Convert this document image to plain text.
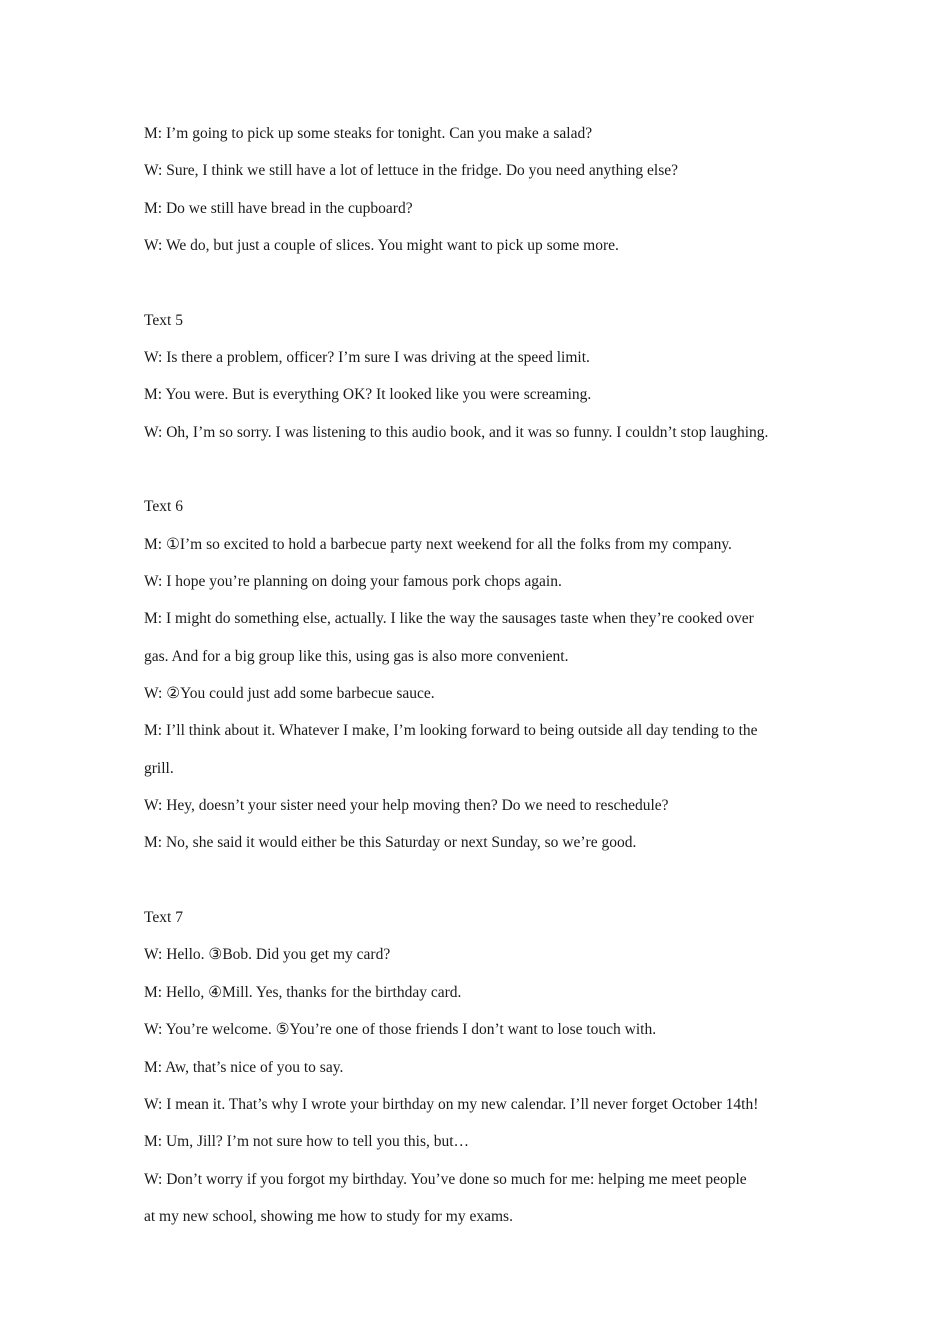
M: I’m going to pick up some steaks for tonight. Can you make a salad?
W: Sure, I think we still have a lot of lettuce in the fridge. Do you need anything else?
M: Do we still have bread in the cupboard?
W: We do, but just a couple of slices. You might want to pick up some more.
Text 5
W: Is there a problem, officer? I’m sure I was driving at the speed limit.
M: You were. But is everything OK? It looked like you were screaming.
W: Oh, I’m so sorry. I was listening to this audio book, and it was so funny. I couldn’t stop laughing.
Text 6
M: ①I’m so excited to hold a barbecue party next weekend for all the folks from my company.
W: I hope you’re planning on doing your famous pork chops again.
M: I might do something else, actually. I like the way the sausages taste when they’re cooked over
gas. And for a big group like this, using gas is also more convenient.
W: ②You could just add some barbecue sauce.
M: I’ll think about it. Whatever I make, I’m looking forward to being outside all day tending to the
grill.
W: Hey, doesn’t your sister need your help moving then? Do we need to reschedule?
M: No, she said it would either be this Saturday or next Sunday, so we’re good.
Text 7
W: Hello. ③Bob. Did you get my card?
M: Hello, ④Mill. Yes, thanks for the birthday card.
W: You’re welcome. ⑤You’re one of those friends I don’t want to lose touch with.
M: Aw, that’s nice of you to say.
W: I mean it. That’s why I wrote your birthday on my new calendar. I’ll never forget October 14th!
M: Um, Jill? I’m not sure how to tell you this, but…
W: Don’t worry if you forgot my birthday. You’ve done so much for me: helping me meet people
at my new school, showing me how to study for my exams.
